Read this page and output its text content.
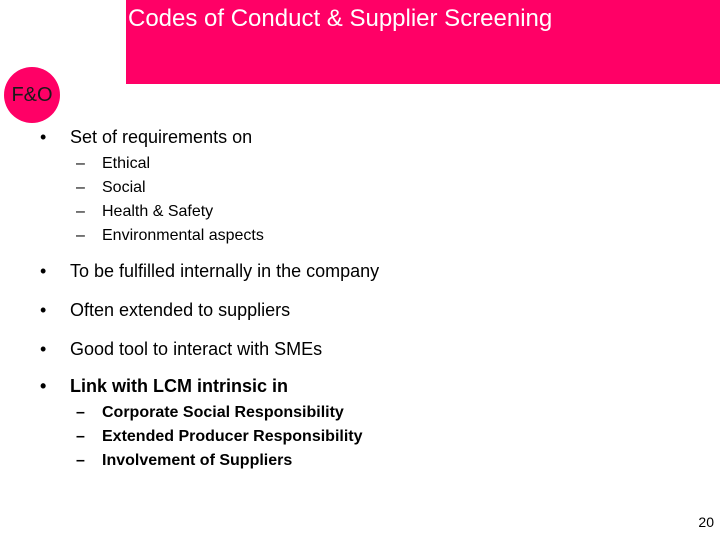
Codes of Conduct & Supplier Screening
F&O
• Set of requirements on
– Ethical
– Social
– Health & Safety
– Environmental aspects
• To be fulfilled internally in the company
• Often extended to suppliers
• Good tool to interact with SMEs
• Link with LCM intrinsic in
– Corporate Social Responsibility
– Extended Producer Responsibility
– Involvement of Suppliers
20
